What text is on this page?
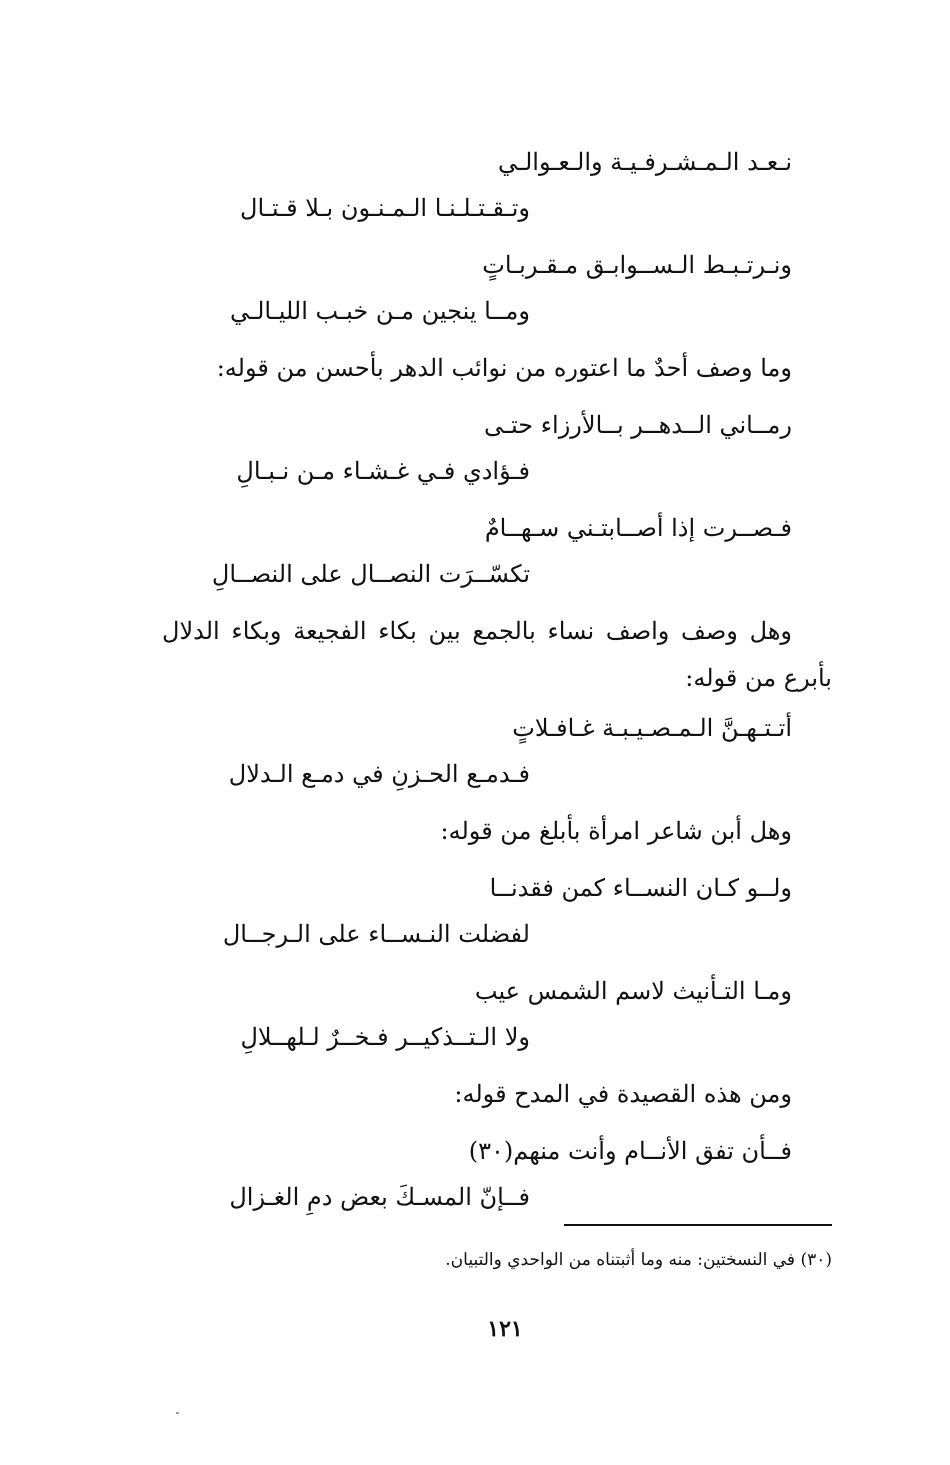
نـعـد الـمـشـرفـيـة والـعـوالـي
وتـقـتـلـنـا الـمـنـون بـلا قـتـال
ونـرتـبـط الـســوابـق مـقـربـاتٍ
ومــا ينجين مـن خبـب الليـالـي
وما وصف أحدٌ ما اعتوره من نوائب الدهر بأحسن من قوله:
رمــاني الــدهــر بــالأرزاء حتـى
فـؤادي فـي غـشـاء مـن نـبـالِ
فـصــرت إذا أصــابتـني سـهــامٌ
تكسّــرَت النصــال على النصــالِ
وهل وصف واصف نساء بالجمع بين بكاء الفجيعة وبكاء الدلال
بأبرع من قوله:
أتـتـهـنَّ الـمـصـيـبـة غـافـلاتٍ
فـدمـع الحـزنِ في دمـع الـدلال
وهل أبن شاعر امرأة بأبلغ من قوله:
ولــو كـان النســاء كمن فقدنــا
لفضلت النـســاء على الـرجــال
ومـا التـأنيث لاسم الشمس عيب
ولا الـتــذكيــر فـخــرٌ لـلهــلالِ
ومن هذه القصيدة في المدح قوله:
فــأن تفق الأنــام وأنت منهم(٣٠)
فــإنّ المسـكَ بعض دمِ الغـزال
(٣٠) في النسختين: منه وما أثبتناه من الواحدي والتبيان.
١٢١
